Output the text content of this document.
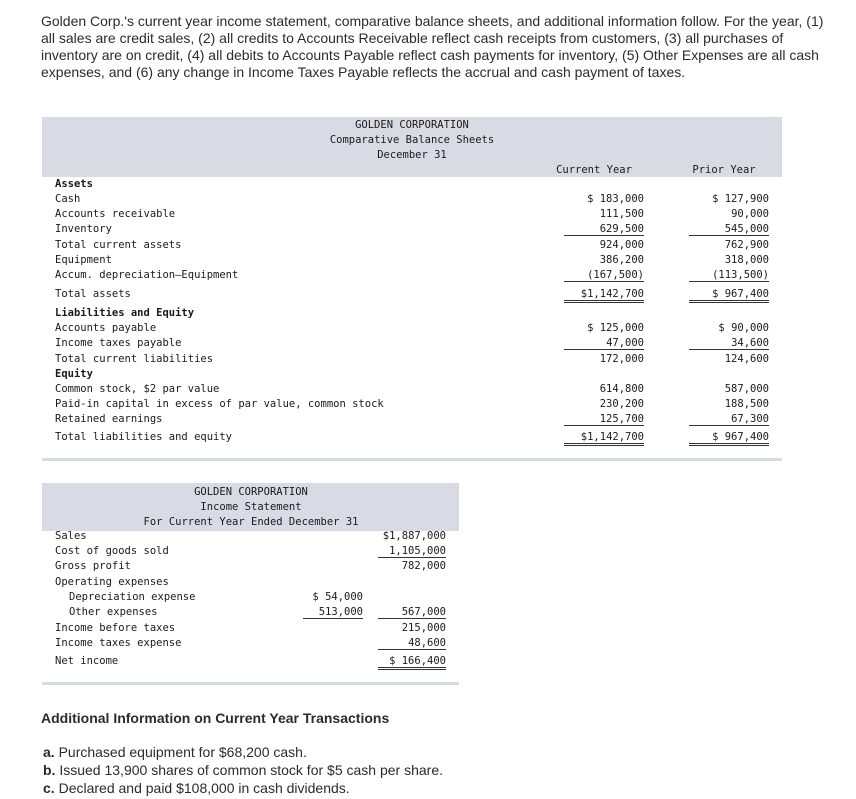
Golden Corp.'s current year income statement, comparative balance sheets, and additional information follow. For the year, (1) all sales are credit sales, (2) all credits to Accounts Receivable reflect cash receipts from customers, (3) all purchases of inventory are on credit, (4) all debits to Accounts Payable reflect cash payments for inventory, (5) Other Expenses are all cash expenses, and (6) any change in Income Taxes Payable reflects the accrual and cash payment of taxes.
GOLDEN CORPORATION
Comparative Balance Sheets
December 31
Current Year	Prior Year
Assets
Cash	$ 183,000	$ 127,900
Accounts receivable	111,500	90,000
Inventory	629,500	545,000
Total current assets	924,000	762,900
Equipment	386,200	318,000
Accum. depreciation—Equipment	(167,500)	(113,500)
Total assets	$1,142,700	$ 967,400
Liabilities and Equity
Accounts payable	$ 125,000	$ 90,000
Income taxes payable	47,000	34,600
Total current liabilities	172,000	124,600
Equity
Common stock, $2 par value	614,800	587,000
Paid-in capital in excess of par value, common stock	230,200	188,500
Retained earnings	125,700	67,300
Total liabilities and equity	$1,142,700	$ 967,400
GOLDEN CORPORATION
Income Statement
For Current Year Ended December 31
Sales	$1,887,000
Cost of goods sold	1,105,000
Gross profit	782,000
Operating expenses
Depreciation expense	$ 54,000
Other expenses	513,000	567,000
Income before taxes	215,000
Income taxes expense	48,600
Net income	$ 166,400
Additional Information on Current Year Transactions
a. Purchased equipment for $68,200 cash.
b. Issued 13,900 shares of common stock for $5 cash per share.
c. Declared and paid $108,000 in cash dividends.
